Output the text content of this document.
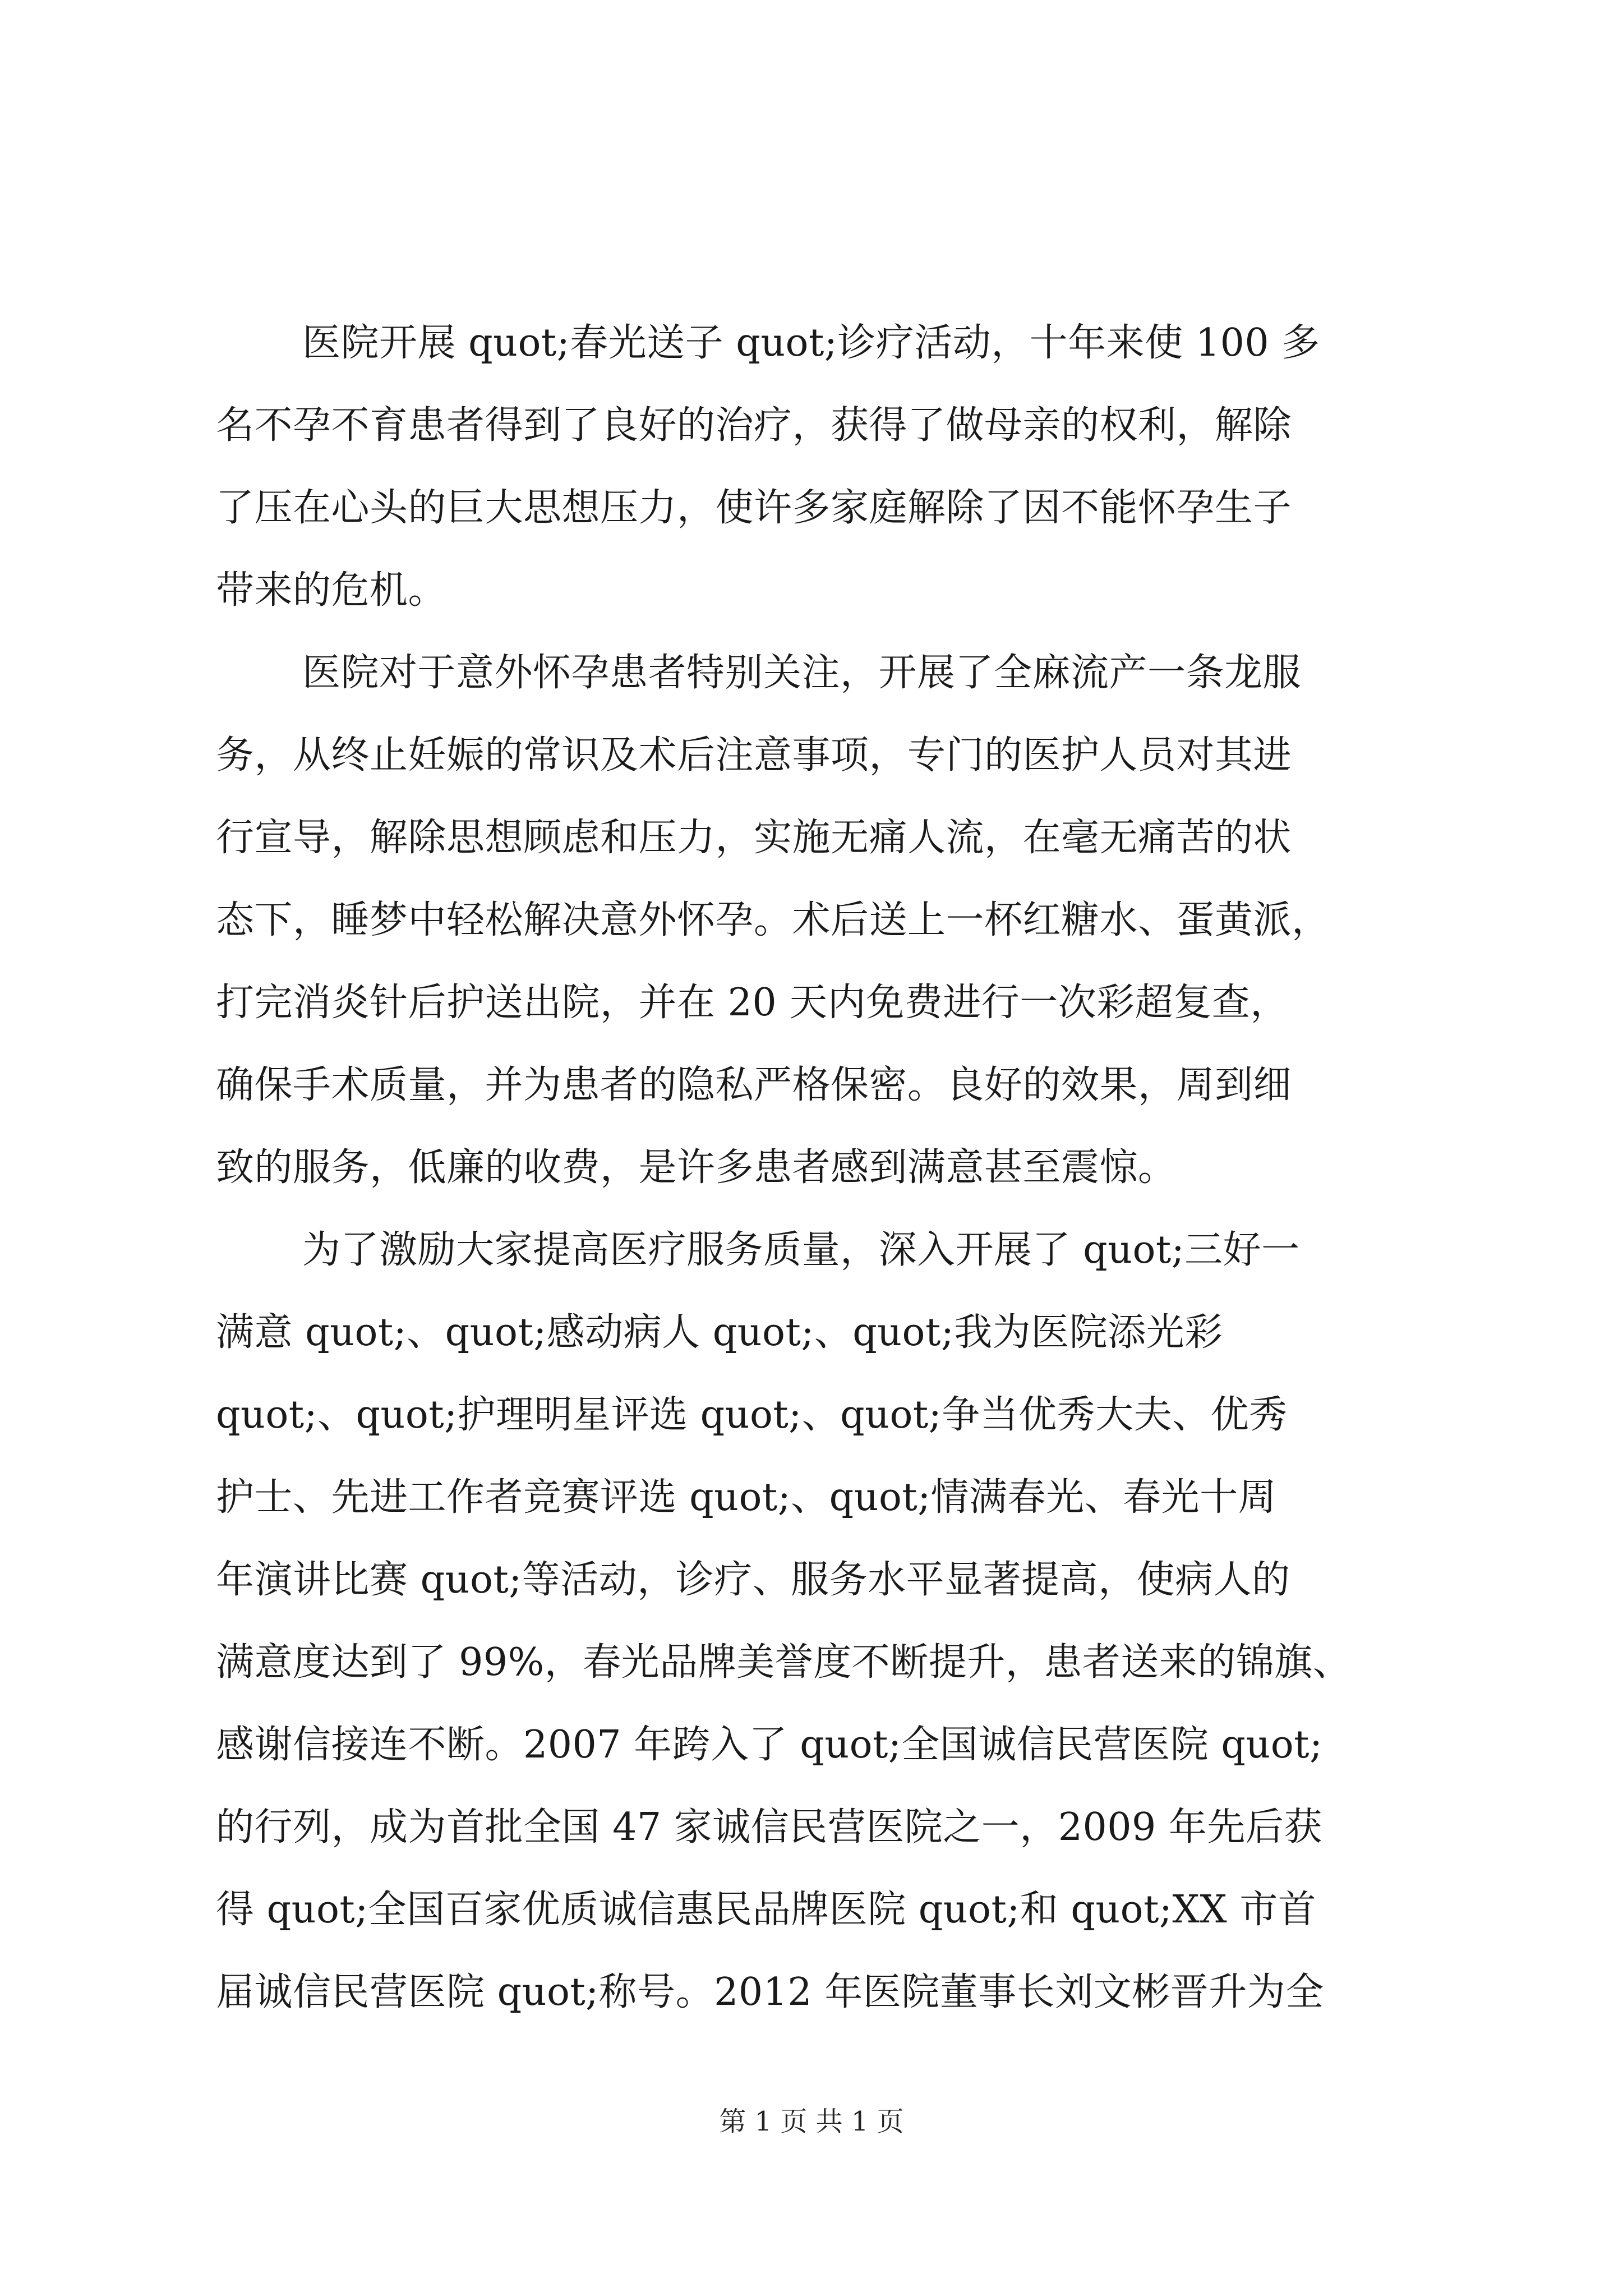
医院开展 quot;春光送子 quot;诊疗活动，十年来使 100 多
名不孕不育患者得到了良好的治疗，获得了做母亲的权利，解除
了压在心头的巨大思想压力，使许多家庭解除了因不能怀孕生子
带来的危机。

医院对于意外怀孕患者特别关注，开展了全麻流产一条龙服
务，从终止妊娠的常识及术后注意事项，专门的医护人员对其进
行宣导，解除思想顾虑和压力，实施无痛人流，在毫无痛苦的状
态下，睡梦中轻松解决意外怀孕。术后送上一杯红糖水、蛋黄派，
打完消炎针后护送出院，并在 20 天内免费进行一次彩超复查，
确保手术质量，并为患者的隐私严格保密。良好的效果，周到细
致的服务，低廉的收费，是许多患者感到满意甚至震惊。

为了激励大家提高医疗服务质量，深入开展了 quot;三好一
满意 quot;、quot;感动病人 quot;、quot;我为医院添光彩
quot;、quot;护理明星评选 quot;、quot;争当优秀大夫、优秀
护士、先进工作者竞赛评选 quot;、quot;情满春光、春光十周
年演讲比赛 quot;等活动，诊疗、服务水平显著提高，使病人的
满意度达到了 99%，春光品牌美誉度不断提升，患者送来的锦旗、
感谢信接连不断。2007 年跨入了 quot;全国诚信民营医院 quot;
的行列，成为首批全国 47 家诚信民营医院之一，2009 年先后获
得 quot;全国百家优质诚信惠民品牌医院 quot;和 quot;XX 市首
届诚信民营医院 quot;称号。2012 年医院董事长刘文彬晋升为全

第 1 页 共 1 页
